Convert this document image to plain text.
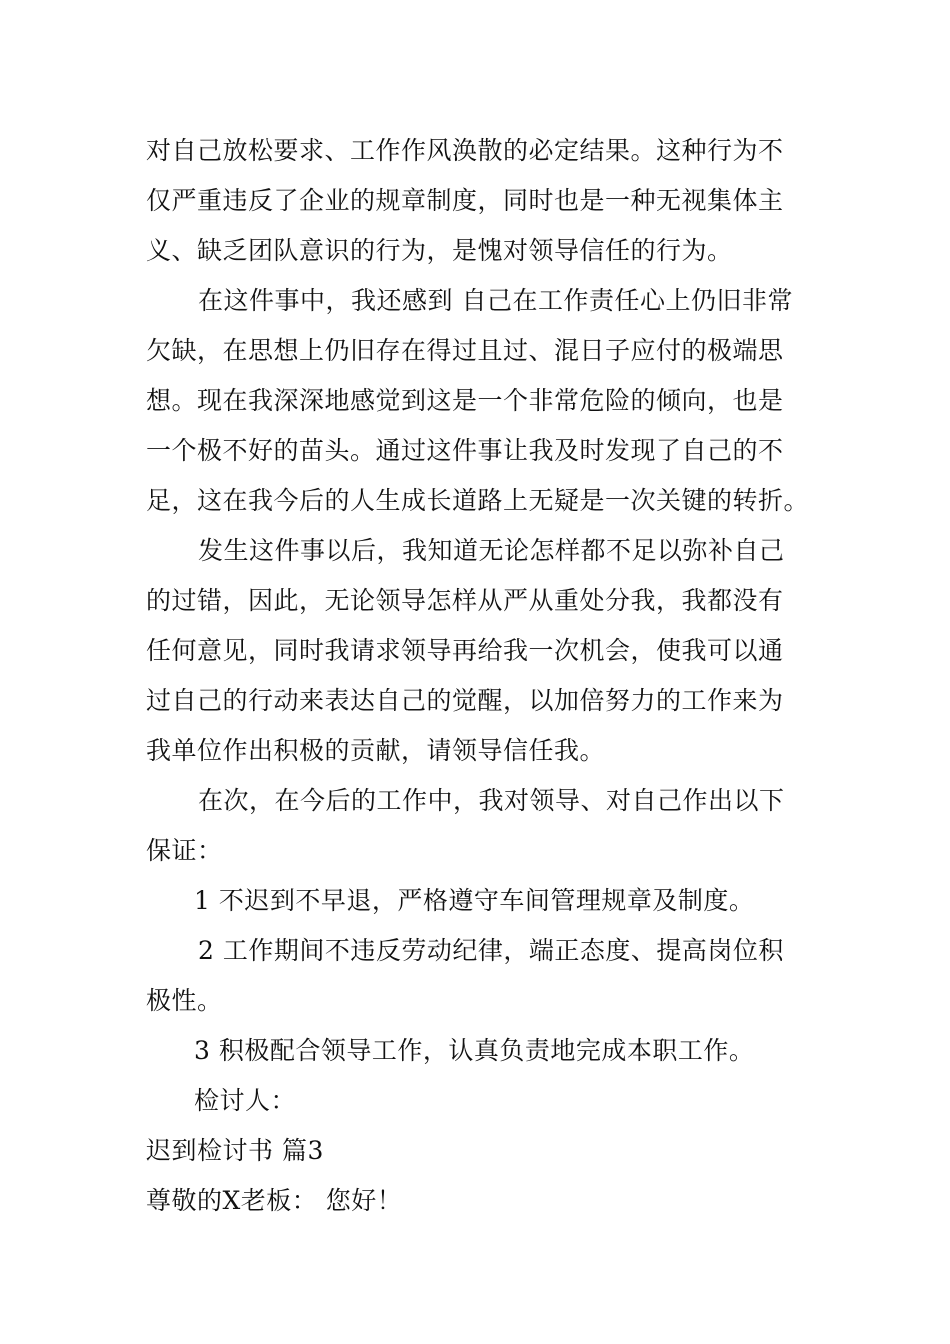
对自己放松要求、工作作风涣散的必定结果。这种行为不
仅严重违反了企业的规章制度，同时也是一种无视集体主
义、缺乏团队意识的行为，是愧对领导信任的行为。
在这件事中，我还感到 自己在工作责任心上仍旧非常
欠缺，在思想上仍旧存在得过且过、混日子应付的极端思
想。现在我深深地感觉到这是一个非常危险的倾向，也是
一个极不好的苗头。通过这件事让我及时发现了自己的不
足，这在我今后的人生成长道路上无疑是一次关键的转折。
发生这件事以后，我知道无论怎样都不足以弥补自己
的过错，因此，无论领导怎样从严从重处分我，我都没有
任何意见，同时我请求领导再给我一次机会，使我可以通
过自己的行动来表达自己的觉醒，以加倍努力的工作来为
我单位作出积极的贡献，请领导信任我。
在次，在今后的工作中，我对领导、对自己作出以下
保证：
1 不迟到不早退，严格遵守车间管理规章及制度。
2 工作期间不违反劳动纪律，端正态度、提高岗位积
极性。
3 积极配合领导工作，认真负责地完成本职工作。
检讨人：
迟到检讨书 篇3
尊敬的X老板： 您好！
